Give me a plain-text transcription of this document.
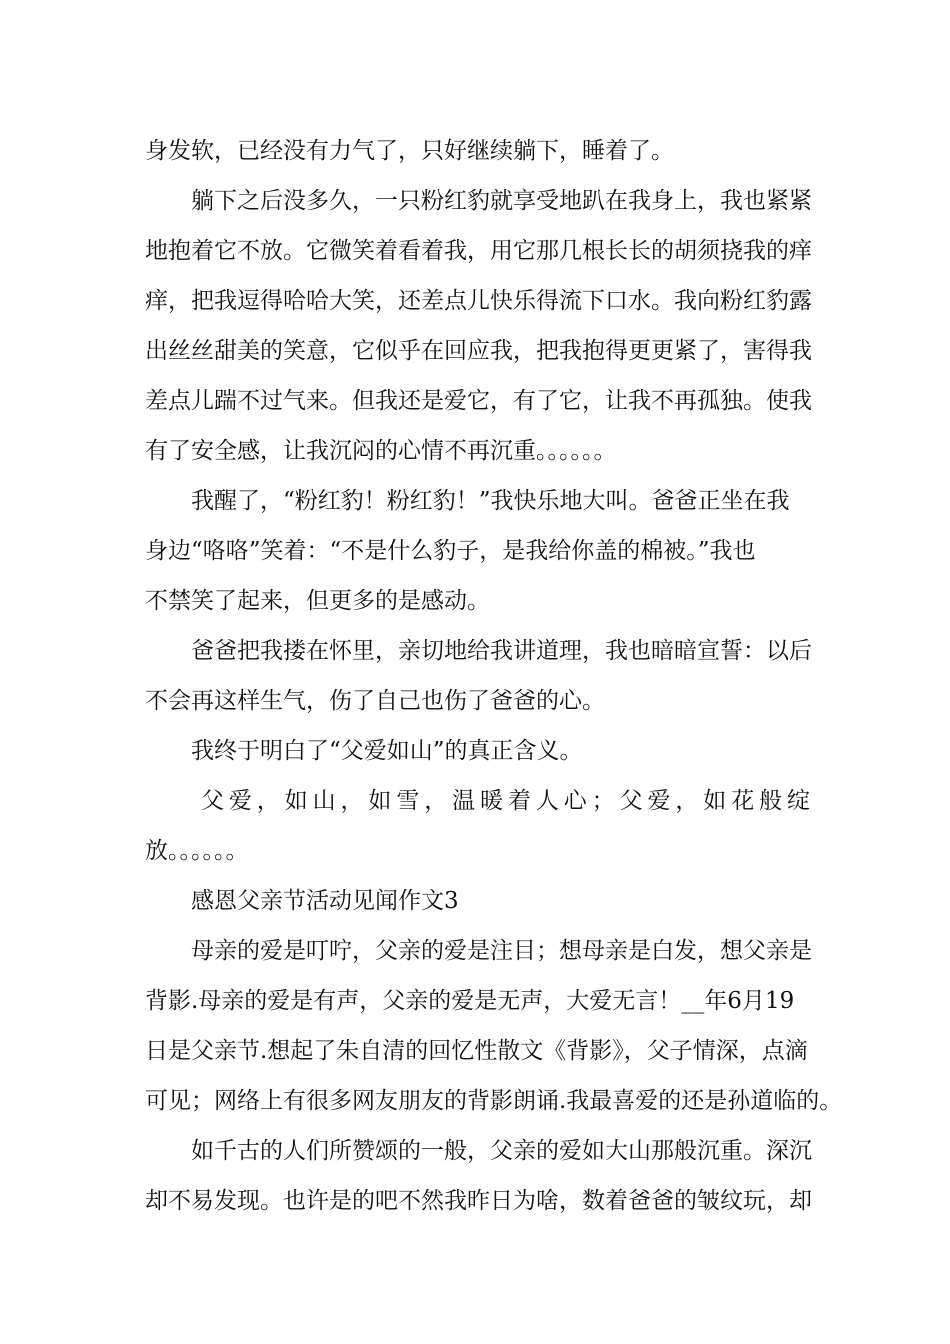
身发软，已经没有力气了，只好继续躺下，睡着了。
躺下之后没多久，一只粉红豹就享受地趴在我身上，我也紧紧
地抱着它不放。它微笑着看着我，用它那几根长长的胡须挠我的痒
痒，把我逗得哈哈大笑，还差点儿快乐得流下口水。我向粉红豹露
出丝丝甜美的笑意，它似乎在回应我，把我抱得更更紧了，害得我
差点儿踹不过气来。但我还是爱它，有了它，让我不再孤独。使我
有了安全感，让我沉闷的心情不再沉重。。。。。。
我醒了，“粉红豹！粉红豹！”我快乐地大叫。爸爸正坐在我
身边“咯咯”笑着：“不是什么豹子，是我给你盖的棉被。”我也
不禁笑了起来，但更多的是感动。
爸爸把我搂在怀里，亲切地给我讲道理，我也暗暗宣誓：以后
不会再这样生气，伤了自己也伤了爸爸的心。
我终于明白了“父爱如山”的真正含义。
父爱，如山，如雪，温暖着人心；父爱，如花般绽
放。。。。。。
感恩父亲节活动见闻作文3
母亲的爱是叮咛，父亲的爱是注目；想母亲是白发，想父亲是
背影.母亲的爱是有声，父亲的爱是无声，大爱无言！__年6月19
日是父亲节.想起了朱自清的回忆性散文《背影》，父子情深，点滴
可见；网络上有很多网友朋友的背影朗诵.我最喜爱的还是孙道临的。
如千古的人们所赞颂的一般，父亲的爱如大山那般沉重。深沉
却不易发现。也许是的吧不然我昨日为啥，数着爸爸的皱纹玩，却
